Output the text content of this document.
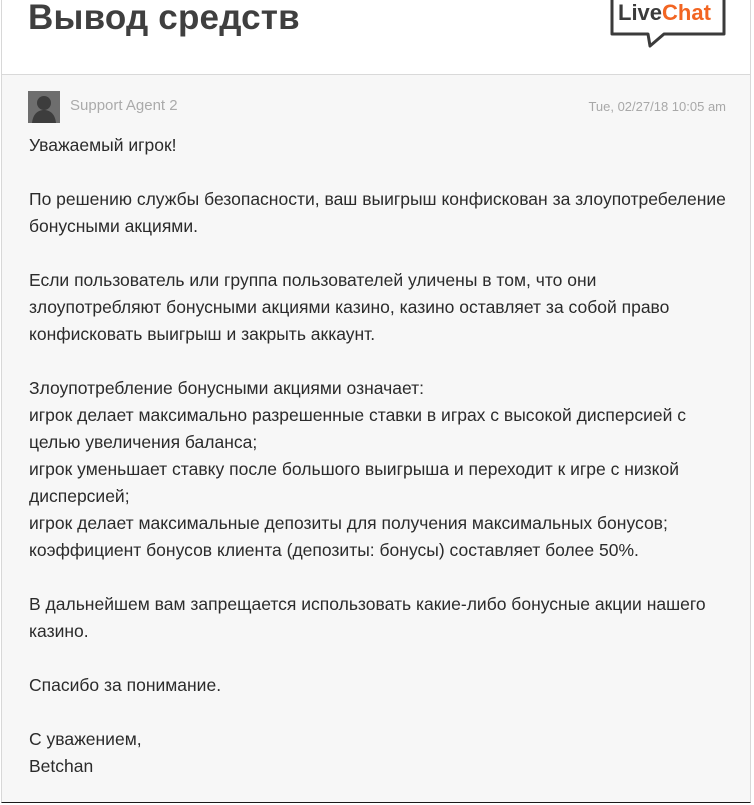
Вывод средств	LiveChat
Support Agent 2	Tue, 02/27/18 10:05 am

Уважаемый игрок!

По решению службы безопасности, ваш выигрыш конфискован за злоупотребеление

бонусными акциями.

Если пользователь или группа пользователей уличены в том, что они

злоупотребляют бонусными акциями казино, казино оставляет за собой право

конфисковать выигрыш и закрыть аккаунт.

Злоупотребление бонусными акциями означает:

игрок делает максимально разрешенные ставки в играх с высокой дисперсией с

целью увеличения баланса;

игрок уменьшает ставку после большого выигрыша и переходит к игре с низкой

дисперсией;

игрок делает максимальные депозиты для получения максимальных бонусов;

коэффициент бонусов клиента (депозиты: бонусы) составляет более 50%.

В дальнейшем вам запрещается использовать какие-либо бонусные акции нашего

казино.

Спасибо за понимание.

С уважением,

Betchan
